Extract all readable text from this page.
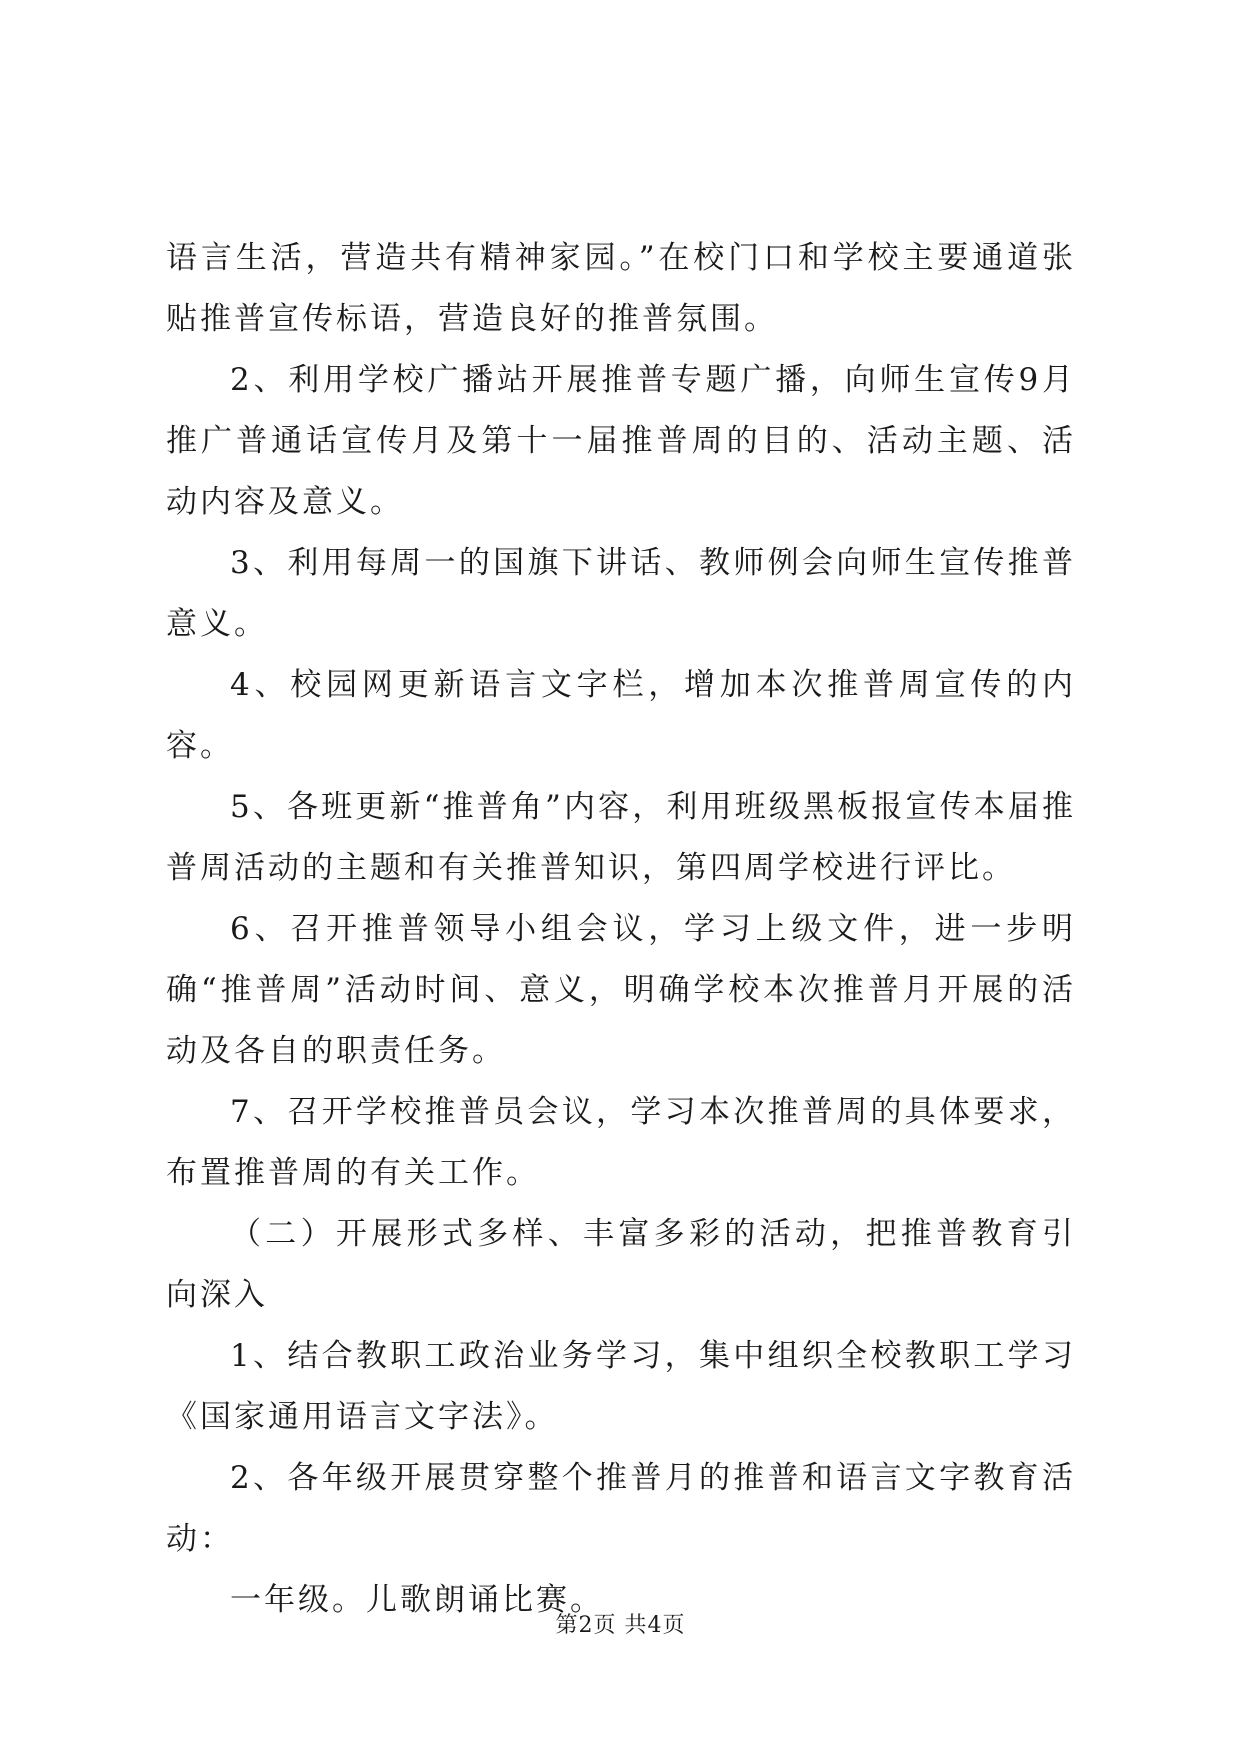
语言生活，营造共有精神家园。”在校门口和学校主要通道张贴推普宣传标语，营造良好的推普氛围。

2、利用学校广播站开展推普专题广播，向师生宣传9月推广普通话宣传月及第十一届推普周的目的、活动主题、活动内容及意义。

3、利用每周一的国旗下讲话、教师例会向师生宣传推普意义。

4、校园网更新语言文字栏，增加本次推普周宣传的内容。

5、各班更新“推普角”内容，利用班级黑板报宣传本届推普周活动的主题和有关推普知识，第四周学校进行评比。

6、召开推普领导小组会议，学习上级文件，进一步明确“推普周”活动时间、意义，明确学校本次推普月开展的活动及各自的职责任务。

7、召开学校推普员会议，学习本次推普周的具体要求，布置推普周的有关工作。

（二）开展形式多样、丰富多彩的活动，把推普教育引向深入

1、结合教职工政治业务学习，集中组织全校教职工学习《国家通用语言文字法》。

2、各年级开展贯穿整个推普月的推普和语言文字教育活动：

一年级。儿歌朗诵比赛。

第2页 共4页
